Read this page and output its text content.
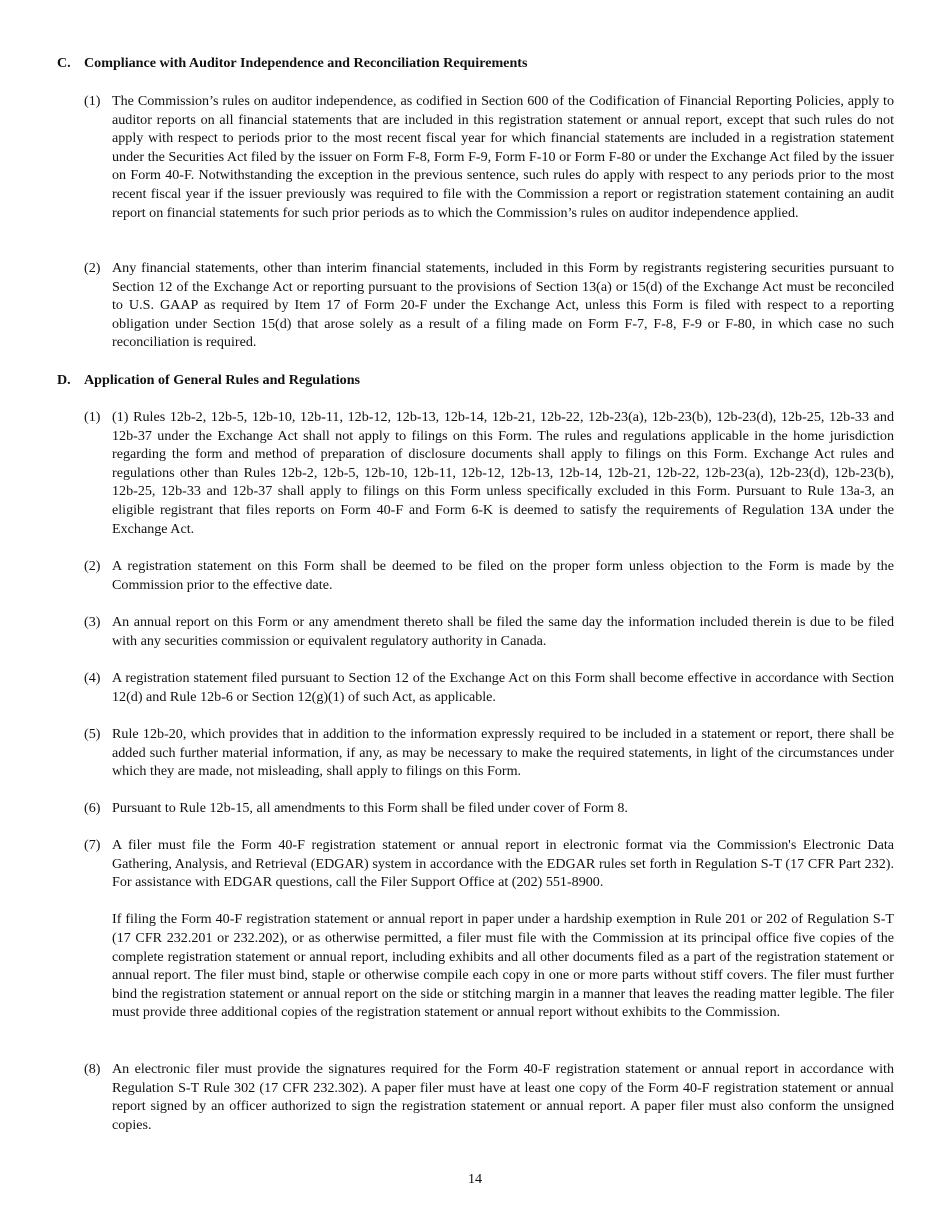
C. Compliance with Auditor Independence and Reconciliation Requirements
(1) The Commission’s rules on auditor independence, as codified in Section 600 of the Codification of Financial Reporting Policies, apply to auditor reports on all financial statements that are included in this registration statement or annual report, except that such rules do not apply with respect to periods prior to the most recent fiscal year for which financial statements are included in a registration statement under the Securities Act filed by the issuer on Form F-8, Form F-9, Form F-10 or Form F-80 or under the Exchange Act filed by the issuer on Form 40-F. Notwithstanding the exception in the previous sentence, such rules do apply with respect to any periods prior to the most recent fiscal year if the issuer previously was required to file with the Commission a report or registration statement containing an audit report on financial statements for such prior periods as to which the Commission’s rules on auditor independence applied.

(2) Any financial statements, other than interim financial statements, included in this Form by registrants registering securities pursuant to Section 12 of the Exchange Act or reporting pursuant to the provisions of Section 13(a) or 15(d) of the Exchange Act must be reconciled to U.S. GAAP as required by Item 17 of Form 20-F under the Exchange Act, unless this Form is filed with respect to a reporting obligation under Section 15(d) that arose solely as a result of a filing made on Form F-7, F-8, F-9 or F-80, in which case no such reconciliation is required.

D. Application of General Rules and Regulations
(1) (1) Rules 12b-2, 12b-5, 12b-10, 12b-11, 12b-12, 12b-13, 12b-14, 12b-21, 12b-22, 12b-23(a), 12b-23(b), 12b-23(d), 12b-25, 12b-33 and 12b-37 under the Exchange Act shall not apply to filings on this Form. The rules and regulations applicable in the home jurisdiction regarding the form and method of preparation of disclosure documents shall apply to filings on this Form. Exchange Act rules and regulations other than Rules 12b-2, 12b-5, 12b-10, 12b-11, 12b-12, 12b-13, 12b-14, 12b-21, 12b-22, 12b-23(a), 12b-23(d), 12b-23(b), 12b-25, 12b-33 and 12b-37 shall apply to filings on this Form unless specifically excluded in this Form. Pursuant to Rule 13a-3, an eligible registrant that files reports on Form 40-F and Form 6-K is deemed to satisfy the requirements of Regulation 13A under the Exchange Act.

(2) A registration statement on this Form shall be deemed to be filed on the proper form unless objection to the Form is made by the Commission prior to the effective date.

(3) An annual report on this Form or any amendment thereto shall be filed the same day the information included therein is due to be filed with any securities commission or equivalent regulatory authority in Canada.

(4) A registration statement filed pursuant to Section 12 of the Exchange Act on this Form shall become effective in accordance with Section 12(d) and Rule 12b-6 or Section 12(g)(1) of such Act, as applicable.

(5) Rule 12b-20, which provides that in addition to the information expressly required to be included in a statement or report, there shall be added such further material information, if any, as may be necessary to make the required statements, in light of the circumstances under which they are made, not misleading, shall apply to filings on this Form.

(6) Pursuant to Rule 12b-15, all amendments to this Form shall be filed under cover of Form 8.

(7) A filer must file the Form 40-F registration statement or annual report in electronic format via the Commission's Electronic Data Gathering, Analysis, and Retrieval (EDGAR) system in accordance with the EDGAR rules set forth in Regulation S-T (17 CFR Part 232). For assistance with EDGAR questions, call the Filer Support Office at (202) 551-8900.

If filing the Form 40-F registration statement or annual report in paper under a hardship exemption in Rule 201 or 202 of Regulation S-T (17 CFR 232.201 or 232.202), or as otherwise permitted, a filer must file with the Commission at its principal office five copies of the complete registration statement or annual report, including exhibits and all other documents filed as a part of the registration statement or annual report. The filer must bind, staple or otherwise compile each copy in one or more parts without stiff covers. The filer must further bind the registration statement or annual report on the side or stitching margin in a manner that leaves the reading matter legible. The filer must provide three additional copies of the registration statement or annual report without exhibits to the Commission.

(8) An electronic filer must provide the signatures required for the Form 40-F registration statement or annual report in accordance with Regulation S-T Rule 302 (17 CFR 232.302). A paper filer must have at least one copy of the Form 40-F registration statement or annual report signed by an officer authorized to sign the registration statement or annual report. A paper filer must also conform the unsigned copies.

14
